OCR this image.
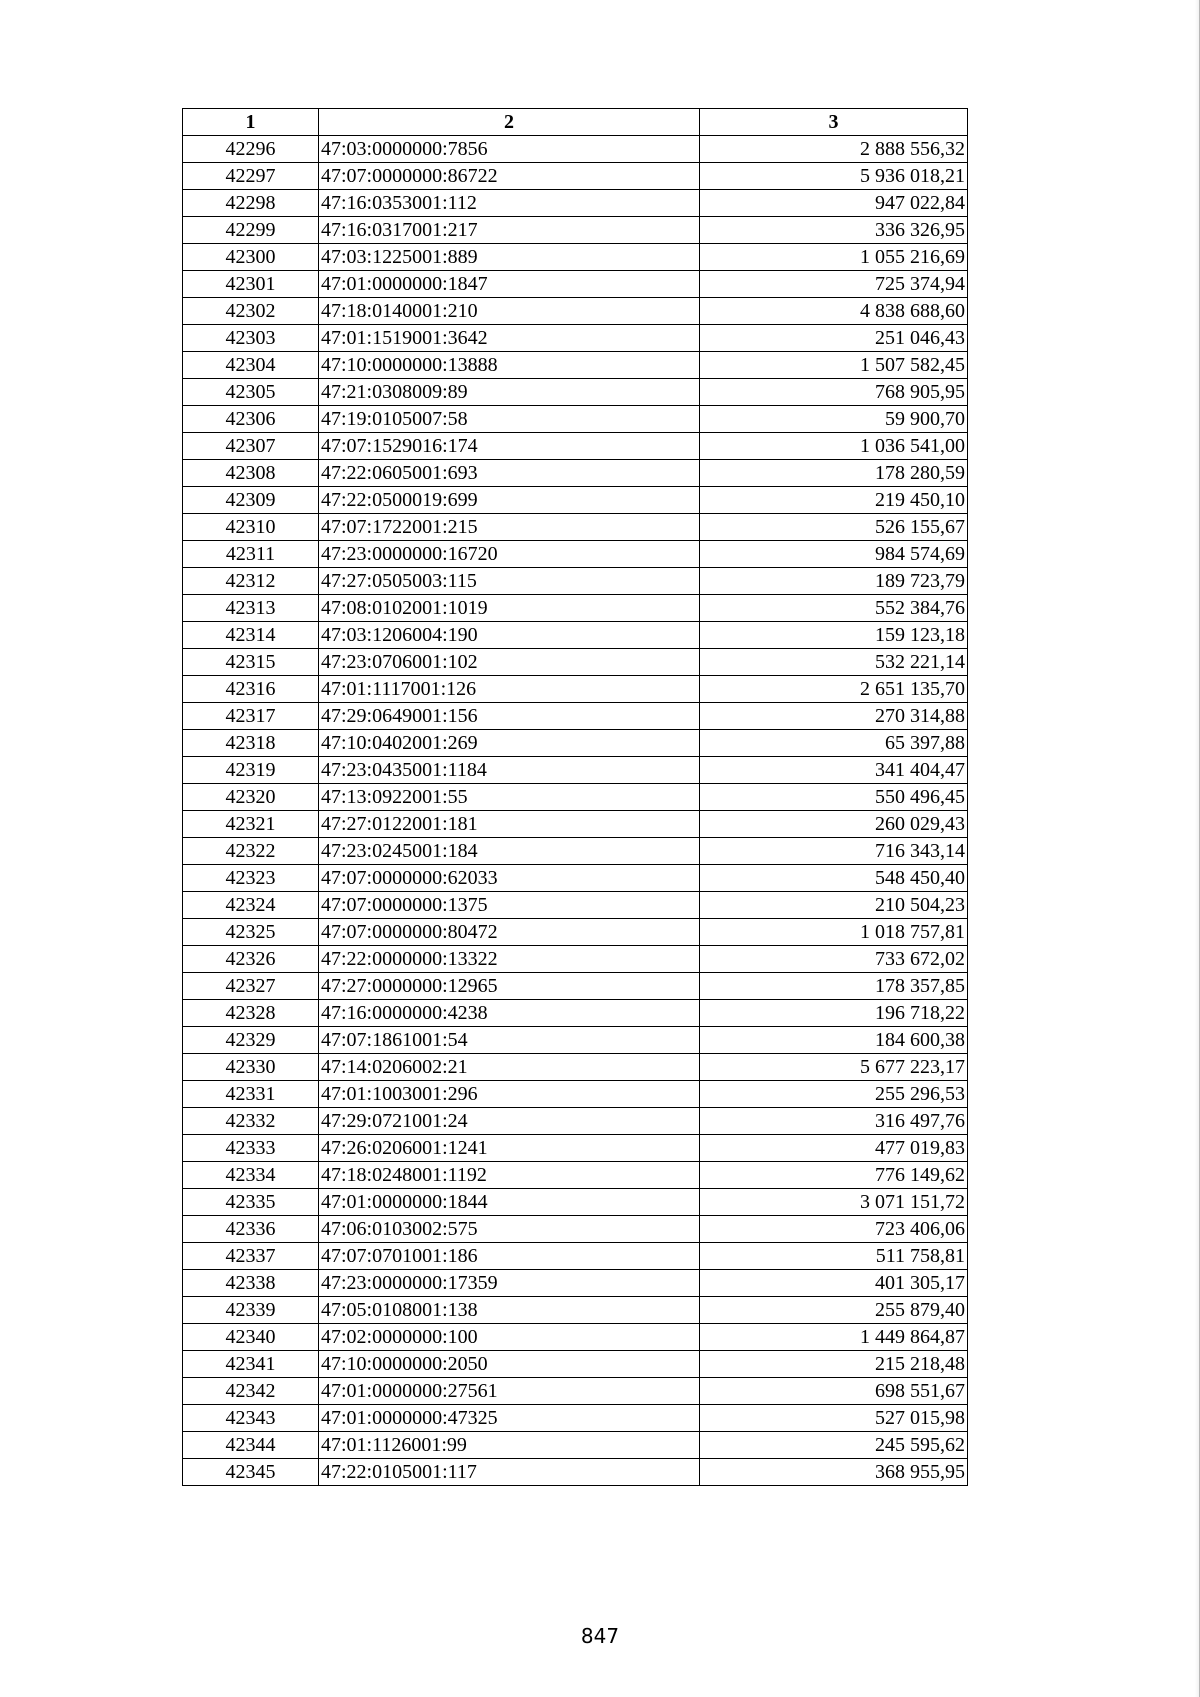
1	2	3
42296	47:03:0000000:7856	2 888 556,32
42297	47:07:0000000:86722	5 936 018,21
42298	47:16:0353001:112	947 022,84
42299	47:16:0317001:217	336 326,95
42300	47:03:1225001:889	1 055 216,69
42301	47:01:0000000:1847	725 374,94
42302	47:18:0140001:210	4 838 688,60
42303	47:01:1519001:3642	251 046,43
42304	47:10:0000000:13888	1 507 582,45
42305	47:21:0308009:89	768 905,95
42306	47:19:0105007:58	59 900,70
42307	47:07:1529016:174	1 036 541,00
42308	47:22:0605001:693	178 280,59
42309	47:22:0500019:699	219 450,10
42310	47:07:1722001:215	526 155,67
42311	47:23:0000000:16720	984 574,69
42312	47:27:0505003:115	189 723,79
42313	47:08:0102001:1019	552 384,76
42314	47:03:1206004:190	159 123,18
42315	47:23:0706001:102	532 221,14
42316	47:01:1117001:126	2 651 135,70
42317	47:29:0649001:156	270 314,88
42318	47:10:0402001:269	65 397,88
42319	47:23:0435001:1184	341 404,47
42320	47:13:0922001:55	550 496,45
42321	47:27:0122001:181	260 029,43
42322	47:23:0245001:184	716 343,14
42323	47:07:0000000:62033	548 450,40
42324	47:07:0000000:1375	210 504,23
42325	47:07:0000000:80472	1 018 757,81
42326	47:22:0000000:13322	733 672,02
42327	47:27:0000000:12965	178 357,85
42328	47:16:0000000:4238	196 718,22
42329	47:07:1861001:54	184 600,38
42330	47:14:0206002:21	5 677 223,17
42331	47:01:1003001:296	255 296,53
42332	47:29:0721001:24	316 497,76
42333	47:26:0206001:1241	477 019,83
42334	47:18:0248001:1192	776 149,62
42335	47:01:0000000:1844	3 071 151,72
42336	47:06:0103002:575	723 406,06
42337	47:07:0701001:186	511 758,81
42338	47:23:0000000:17359	401 305,17
42339	47:05:0108001:138	255 879,40
42340	47:02:0000000:100	1 449 864,87
42341	47:10:0000000:2050	215 218,48
42342	47:01:0000000:27561	698 551,67
42343	47:01:0000000:47325	527 015,98
42344	47:01:1126001:99	245 595,62
42345	47:22:0105001:117	368 955,95
847
